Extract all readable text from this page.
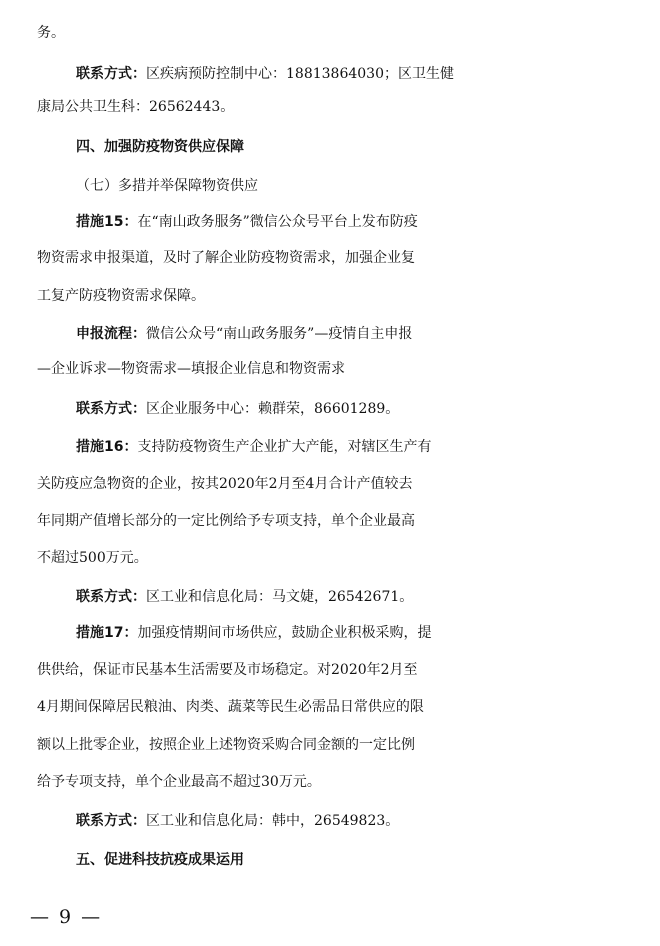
务。
联系方式：区疾病预防控制中心：18813864030；区卫生健
康局公共卫生科：26562443。
四、加强防疫物资供应保障
（七）多措并举保障物资供应
措施15：在“南山政务服务”微信公众号平台上发布防疫
物资需求申报渠道，及时了解企业防疫物资需求，加强企业复
工复产防疫物资需求保障。
申报流程：微信公众号“南山政务服务”—疫情自主申报
—企业诉求—物资需求—填报企业信息和物资需求
联系方式：区企业服务中心：赖群荣，86601289。
措施16：支持防疫物资生产企业扩大产能，对辖区生产有
关防疫应急物资的企业，按其2020年2月至4月合计产值较去
年同期产值增长部分的一定比例给予专项支持，单个企业最高
不超过500万元。
联系方式：区工业和信息化局：马文婕，26542671。
措施17：加强疫情期间市场供应，鼓励企业积极采购，提
供供给，保证市民基本生活需要及市场稳定。对2020年2月至
4月期间保障居民粮油、肉类、蔬菜等民生必需品日常供应的限
额以上批零企业，按照企业上述物资采购合同金额的一定比例
给予专项支持，单个企业最高不超过30万元。
联系方式：区工业和信息化局：韩中，26549823。
五、促进科技抗疫成果运用
— 9 —
